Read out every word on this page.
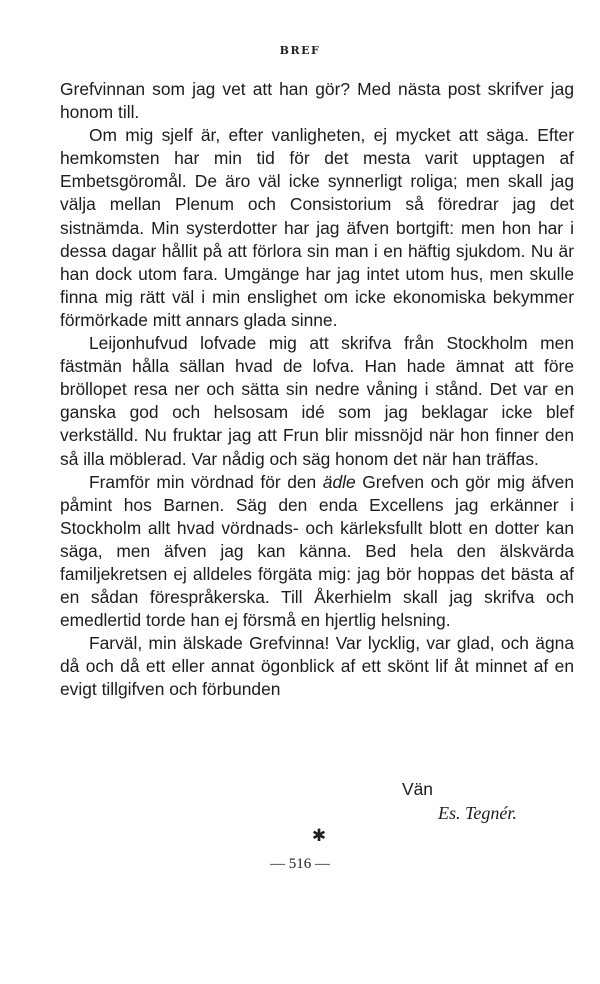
BREF

Grefvinnan som jag vet att han gör? Med nästa post skrifver jag honom till.

Om mig sjelf är, efter vanligheten, ej mycket att säga. Efter hemkomsten har min tid för det mesta varit upptagen af Embetsgöromål. De äro väl icke synnerligt roliga; men skall jag välja mellan Plenum och Consistorium så föredrar jag det sistnämda. Min systerdotter har jag äfven bortgift: men hon har i dessa dagar hållit på att förlora sin man i en häftig sjukdom. Nu är han dock utom fara. Umgänge har jag intet utom hus, men skulle finna mig rätt väl i min enslighet om icke ekonomiska bekymmer förmörkade mitt annars glada sinne.

Leijonhufvud lofvade mig att skrifva från Stockholm men fästmän hålla sällan hvad de lofva. Han hade ämnat att före bröllopet resa ner och sätta sin nedre våning i stånd. Det var en ganska god och helsosam idé som jag beklagar icke blef verkställd. Nu fruktar jag att Frun blir missnöjd när hon finner den så illa möblerad. Var nådig och säg honom det när han träffas.

Framför min vördnad för den ädle Grefven och gör mig äfven påmint hos Barnen. Säg den enda Excellens jag erkänner i Stockholm allt hvad vördnads- och kärleksfullt blott en dotter kan säga, men äfven jag kan känna. Bed hela den älskvärda familjekretsen ej alldeles förgäta mig: jag bör hoppas det bästa af en sådan förespråkerska. Till Åkerhielm skall jag skrifva och emedlertid torde han ej försmå en hjertlig helsning.

Farväl, min älskade Grefvinna! Var lycklig, var glad, och ägna då och då ett eller annat ögonblick af ett skönt lif åt minnet af en evigt tillgifven och förbunden

Vän
Es. Tegnér.
✱
— 516 —
